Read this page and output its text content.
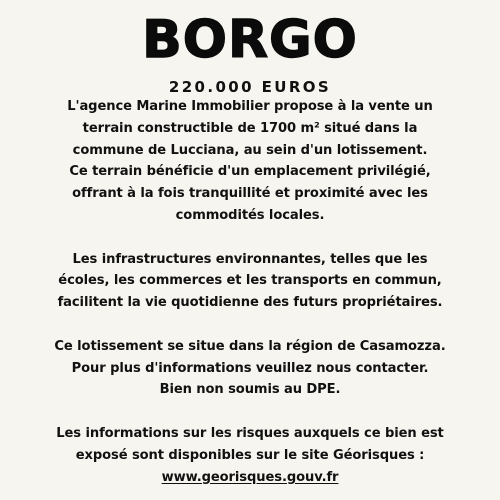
BORGO
220.000 EUROS
L'agence Marine Immobilier propose à la vente un
terrain constructible de 1700 m² situé dans la
commune de Lucciana, au sein d'un lotissement.
Ce terrain bénéficie d'un emplacement privilégié,
offrant à la fois tranquillité et proximité avec les
commodités locales.
Les infrastructures environnantes, telles que les
écoles, les commerces et les transports en commun,
facilitent la vie quotidienne des futurs propriétaires.
Ce lotissement se situe dans la région de Casamozza.
Pour plus d'informations veuillez nous contacter.
Bien non soumis au DPE.
Les informations sur les risques auxquels ce bien est
exposé sont disponibles sur le site Géorisques :
www.georisques.gouv.fr
